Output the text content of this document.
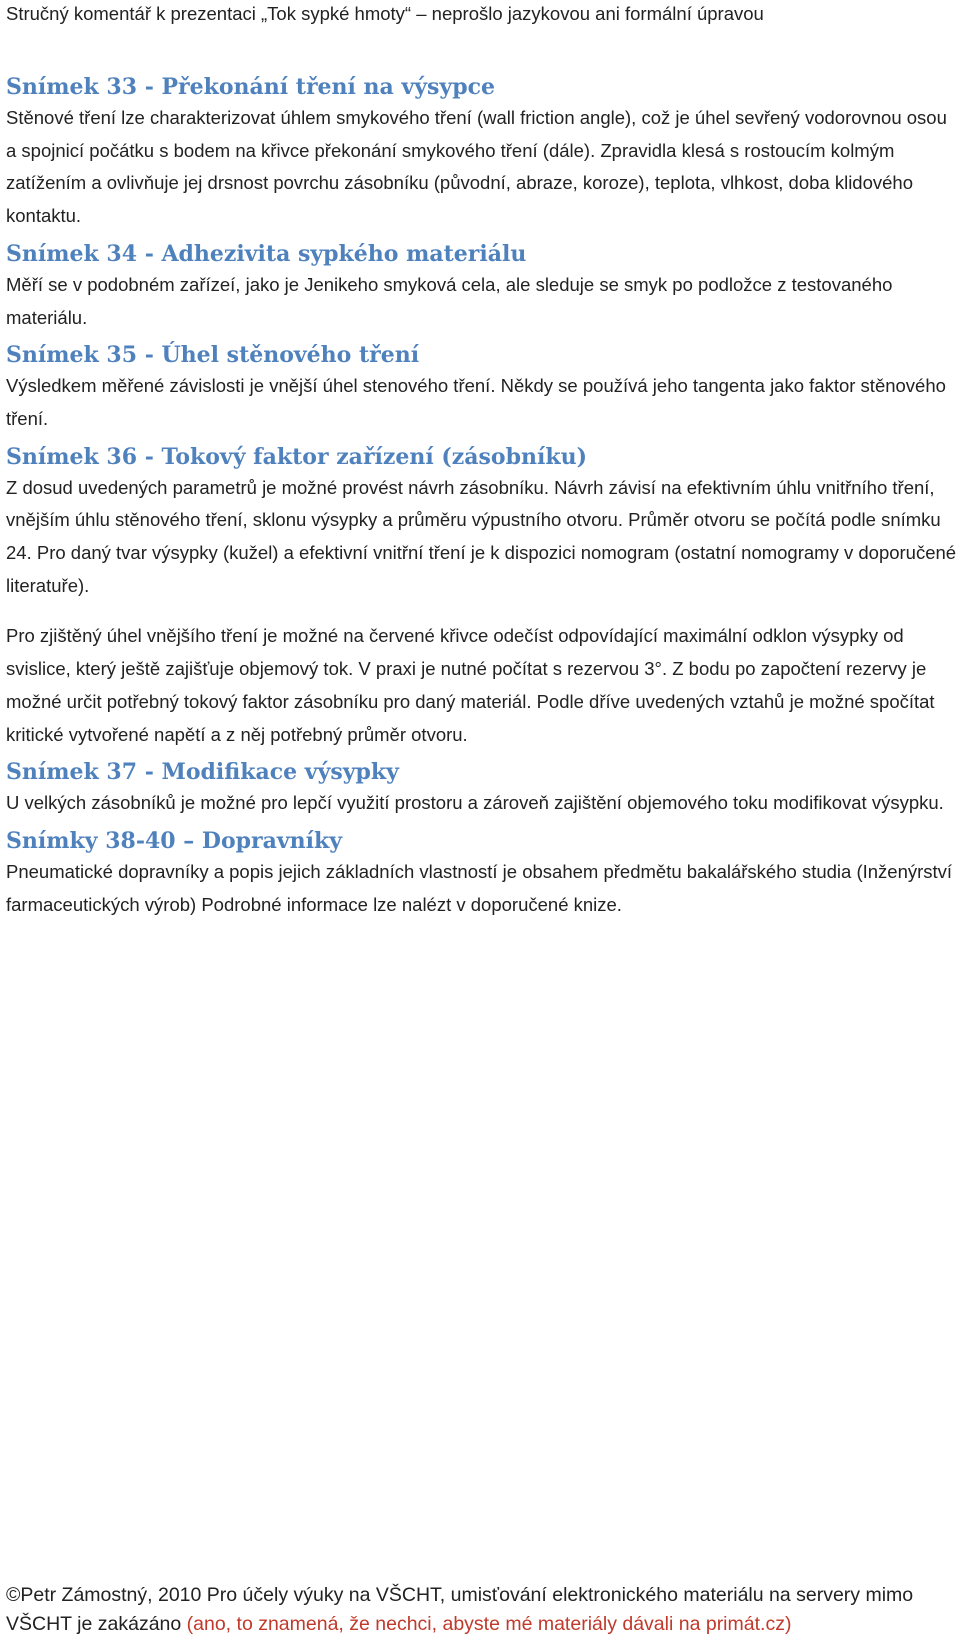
Stručný komentář k prezentaci „Tok sypké hmoty“ – neprošlo jazykovou ani formální úpravou
Snímek 33 - Překonání tření na výsypce

Stěnové tření lze charakterizovat úhlem smykového tření (wall friction angle), což je úhel sevřený vodorovnou osou a spojnicí počátku s bodem na křivce překonání smykového tření (dále). Zpravidla klesá s rostoucím kolmým zatížením a ovlivňuje jej drsnost povrchu zásobníku (původní, abraze, koroze), teplota, vlhkost, doba klidového kontaktu.

Snímek 34 - Adhezivita sypkého materiálu

Měří se v podobném zařízeí, jako je Jenikeho smyková cela, ale sleduje se smyk po podložce z testovaného materiálu.

Snímek 35 - Úhel stěnového tření

Výsledkem měřené závislosti je vnější úhel stenového tření. Někdy se používá jeho tangenta jako faktor stěnového tření.

Snímek 36 - Tokový faktor zařízení (zásobníku)

Z dosud uvedených parametrů je možné provést návrh zásobníku. Návrh závisí na efektivním úhlu vnitřního tření, vnějším úhlu stěnového tření, sklonu výsypky a průměru výpustního otvoru. Průměr otvoru se počítá podle snímku 24. Pro daný tvar výsypky (kužel) a efektivní vnitřní tření je k dispozici nomogram (ostatní nomogramy v doporučené literatuře).

Pro zjištěný úhel vnějšího tření je možné na červené křivce odečíst odpovídající maximální odklon výsypky od svislice, který ještě zajišťuje objemový tok. V praxi je nutné počítat s rezervou 3°. Z bodu po započtení rezervy je možné určit potřebný tokový faktor zásobníku pro daný materiál. Podle dříve uvedených vztahů je možné spočítat kritické vytvořené napětí a z něj potřebný průměr otvoru.

Snímek 37 - Modifikace výsypky

U velkých zásobníků je možné pro lepčí využití prostoru a zároveň zajištění objemového toku modifikovat výsypku.

Snímky 38-40 – Dopravníky

Pneumatické dopravníky a popis jejich základních vlastností je obsahem předmětu bakalářského studia (Inženýrství farmaceutických výrob) Podrobné informace lze nalézt v doporučené knize.

©Petr Zámostný, 2010 Pro účely výuky na VŠCHT, umisťování elektronického materiálu na servery mimo VŠCHT je zakázáno (ano, to znamená, že nechci, abyste mé materiály dávali na primát.cz)
